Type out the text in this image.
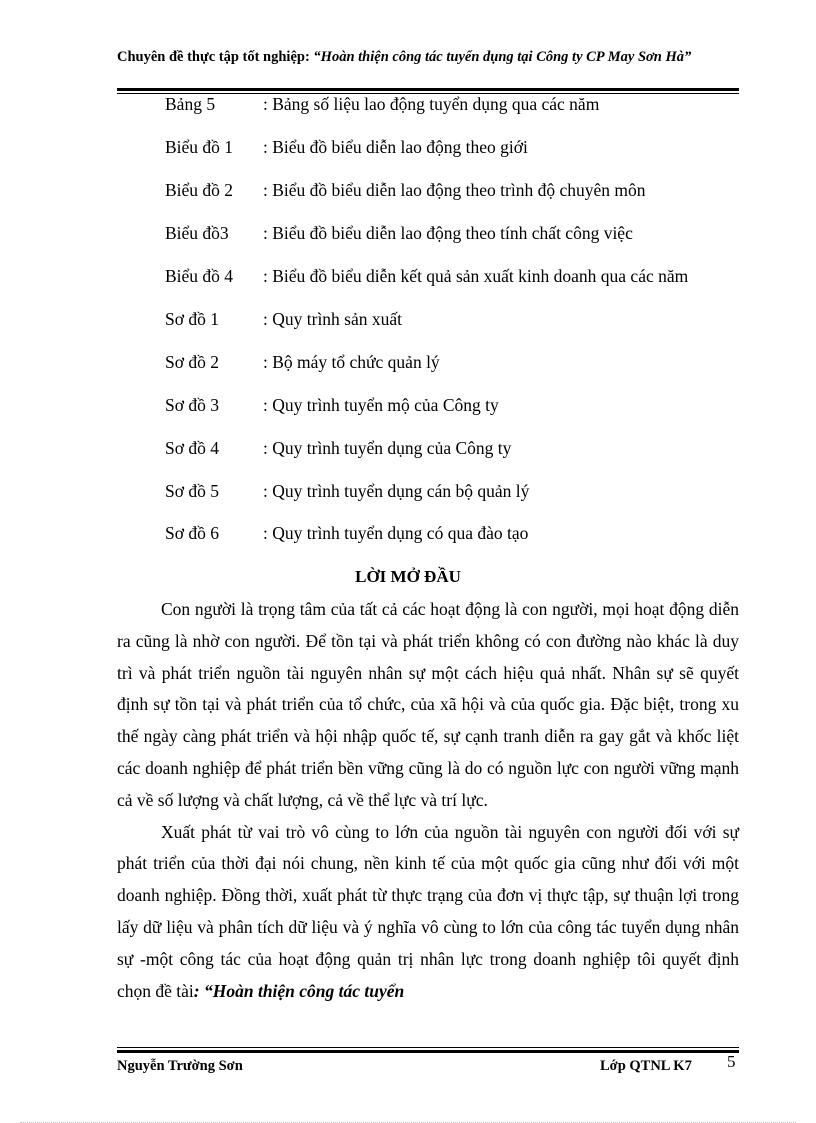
Chuyên đề thực tập tốt nghiệp: “Hoàn thiện công tác tuyển dụng tại Công ty CP May Sơn Hà”
Bảng 5	: Bảng số liệu lao động tuyển dụng qua các năm
Biểu đồ 1 : Biểu đồ biểu diễn lao động theo giới
Biểu đồ 2 : Biểu đồ biểu diễn lao động theo trình độ chuyên môn
Biểu đồ3 : Biểu đồ biểu diễn lao động theo tính chất công việc
Biểu đồ 4 : Biểu đồ biểu diễn kết quả sản xuất kinh doanh qua các năm
Sơ đồ 1	: Quy trình sản xuất
Sơ đồ 2	: Bộ máy tổ chức quản lý
Sơ đồ 3	: Quy trình tuyển mộ của Công ty
Sơ đồ 4	: Quy trình tuyển dụng của Công ty
Sơ đồ 5	: Quy trình tuyển dụng cán bộ quản lý
Sơ đồ 6	: Quy trình tuyển dụng có qua đào tạo
LỜI MỞ ĐẦU

Con người là trọng tâm của tất cả các hoạt động là con người, mọi hoạt động diễn ra cũng là nhờ con người. Để tồn tại và phát triển không có con đường nào khác là duy trì và phát triển nguồn tài nguyên nhân sự một cách hiệu quả nhất. Nhân sự sẽ quyết định sự tồn tại và phát triển của tổ chức, của xã hội và của quốc gia. Đặc biệt, trong xu thế ngày càng phát triển và hội nhập quốc tế, sự cạnh tranh diễn ra gay gắt và khốc liệt các doanh nghiệp để phát triển bền vững cũng là do có nguồn lực con người vững mạnh cả về số lượng và chất lượng, cả về thể lực và trí lực.

Xuất phát từ vai trò vô cùng to lớn của nguồn tài nguyên con người đối với sự phát triển của thời đại nói chung, nền kinh tế của một quốc gia cũng như đối với một doanh nghiệp. Đồng thời, xuất phát từ thực trạng của đơn vị thực tập, sự thuận lợi trong lấy dữ liệu và phân tích dữ liệu và ý nghĩa vô cùng to lớn của công tác tuyển dụng nhân sự -một công tác của hoạt động quản trị nhân lực trong doanh nghiệp tôi quyết định chọn đề tài: “Hoàn thiện công tác tuyển

Nguyễn Trường Sơn	Lớp QTNL K7 5
